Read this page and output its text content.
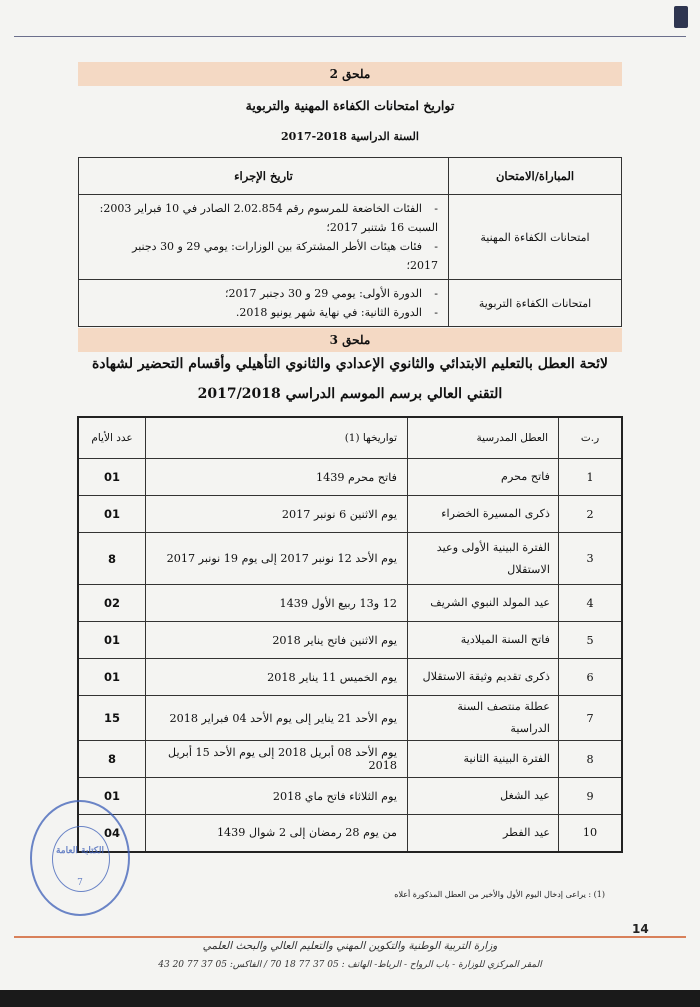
ملحق 2
تواريخ امتحانات الكفاءة المهنية والتربوية
السنة الدراسية 2018-2017
المباراة/الامتحان	تاريخ الإجراء
امتحانات الكفاءة المهنية	- الفئات الخاضعة للمرسوم رقم 2.02.854 الصادر في 10 فبراير 2003: السبت 16 شتنبر 2017؛
- فئات هيئات الأطر المشتركة بين الوزارات: يومي 29 و 30 دجنبر 2017؛

امتحانات الكفاءة التربوية	- الدورة الأولى: يومي 29 و 30 دجنبر 2017؛
- الدورة الثانية: في نهاية شهر يونيو 2018.
ملحق 3
لائحة العطل بالتعليم الابتدائي والثانوي الإعدادي والثانوي التأهيلي وأقسام التحضير لشهادة
التقني العالي برسم الموسم الدراسي 2017/2018
ر.ت	العطل المدرسية	تواريخها (1)	عدد الأيام
1	فاتح محرم	فاتح محرم 1439	01
2	ذكرى المسيرة الخضراء	يوم الاثنين 6 نونبر 2017	01
3	الفترة البينية الأولى وعيد الاستقلال	يوم الأحد 12 نونبر 2017 إلى يوم 19 نونبر 2017	8
4	عيد المولد النبوي الشريف	12 و13 ربيع الأول 1439	02
5	فاتح السنة الميلادية	يوم الاثنين فاتح يناير 2018	01
6	ذكرى تقديم وثيقة الاستقلال	يوم الخميس 11 يناير 2018	01
7	عطلة منتصف السنة الدراسية	يوم الأحد 21 يناير إلى يوم الأحد 04 فبراير 2018	15
8	الفترة البينية الثانية	يوم الأحد 08 أبريل 2018 إلى يوم الأحد 15 أبريل 2018	8
9	عيد الشغل	يوم الثلاثاء فاتح ماي 2018	01
10	عيد الفطر	من يوم 28 رمضان إلى 2 شوال 1439	04
الكتابة العامة
7
(1) : يراعى إدخال اليوم الأول والأخير من العطل المذكورة أعلاه
14
وزارة التربية الوطنية والتكوين المهني والتعليم العالي والبحث العلمي
المقر المركزي للوزارة - باب الرواح - الرباط- الهاتف : 05 37 77 18 70 / الفاكس: 05 37 77 20 43
